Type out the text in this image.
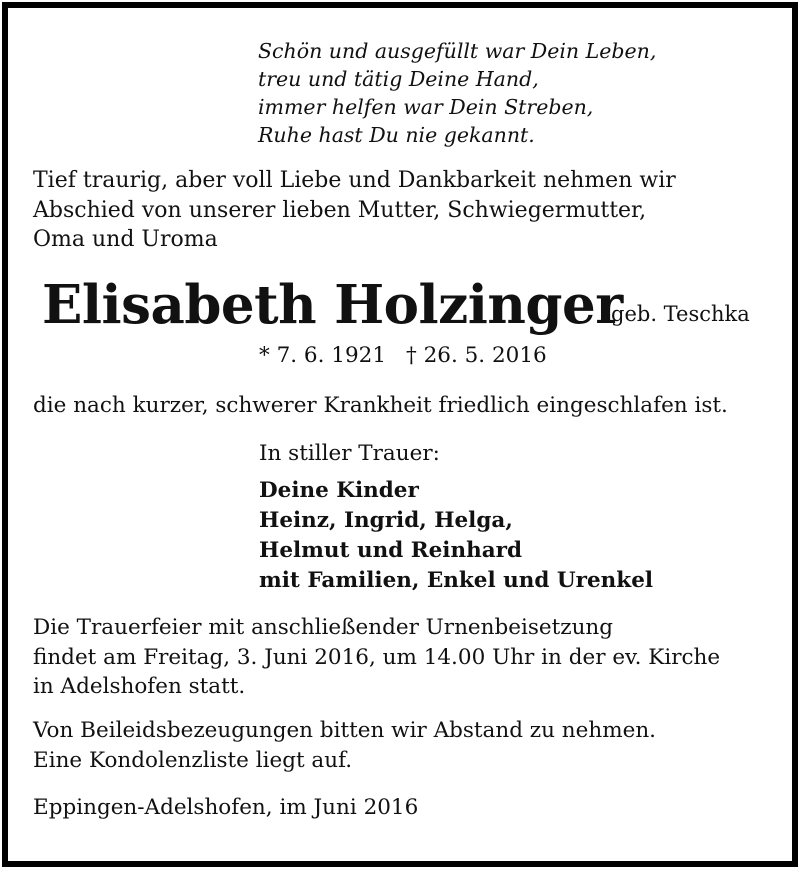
Schön und ausgefüllt war Dein Leben,
treu und tätig Deine Hand,
immer helfen war Dein Streben,
Ruhe hast Du nie gekannt.
Tief traurig, aber voll Liebe und Dankbarkeit nehmen wir
Abschied von unserer lieben Mutter, Schwiegermutter,
Oma und Uroma
Elisabeth Holzinger
geb. Teschka
* 7. 6. 1921 † 26. 5. 2016
die nach kurzer, schwerer Krankheit friedlich eingeschlafen ist.
In stiller Trauer:
Deine Kinder
Heinz, Ingrid, Helga,
Helmut und Reinhard
mit Familien, Enkel und Urenkel
Die Trauerfeier mit anschließender Urnenbeisetzung
findet am Freitag, 3. Juni 2016, um 14.00 Uhr in der ev. Kirche
in Adelshofen statt.
Von Beileidsbezeugungen bitten wir Abstand zu nehmen.
Eine Kondolenzliste liegt auf.
Eppingen-Adelshofen, im Juni 2016
